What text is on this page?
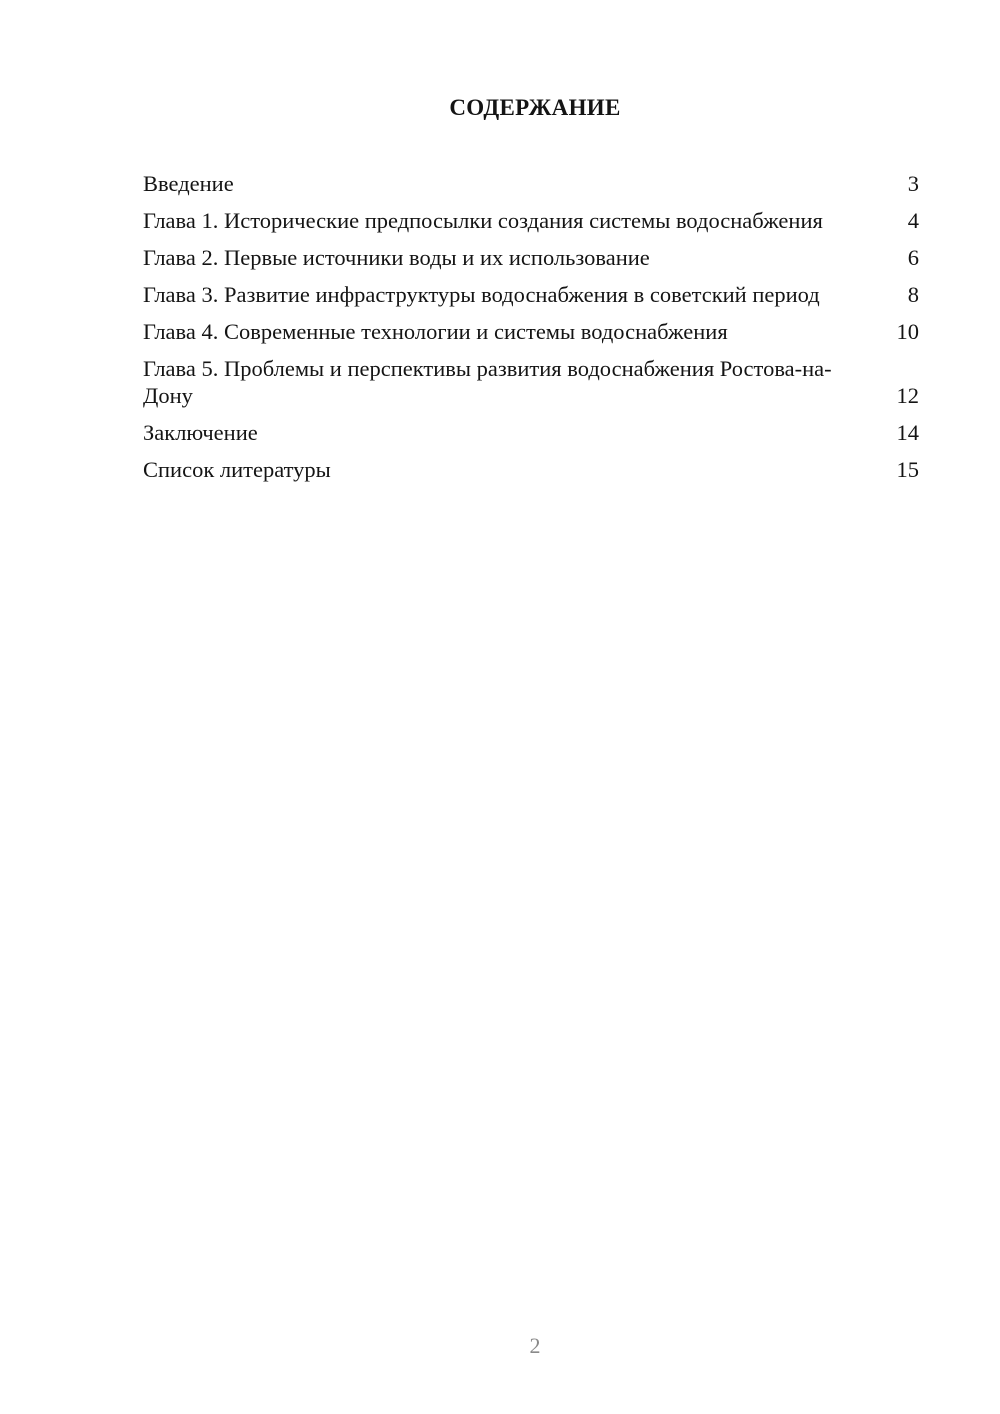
СОДЕРЖАНИЕ
Введение	3
Глава 1. Исторические предпосылки создания системы водоснабжения	4
Глава 2. Первые источники воды и их использование	6
Глава 3. Развитие инфраструктуры водоснабжения в советский период	8
Глава 4. Современные технологии и системы водоснабжения	10
Глава 5. Проблемы и перспективы развития водоснабжения Ростова-на-Дону	12
Заключение	14
Список литературы	15
2
